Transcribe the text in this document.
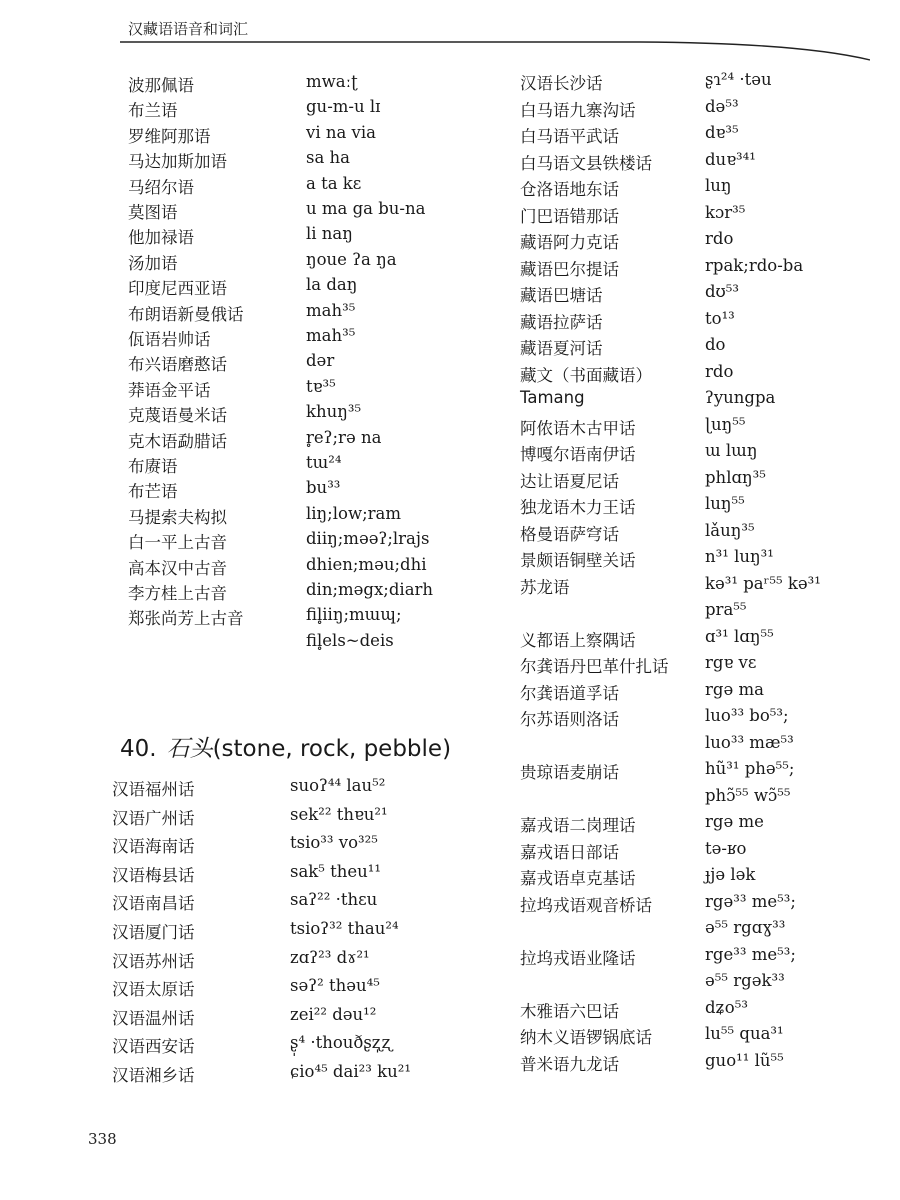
汉藏语语音和词汇
波那佩语	mwaːʈ
布兰语	gu-m-u lɪ
罗维阿那语	vi na via
马达加斯加语	sa ha
马绍尔语	a ta kɛ
莫图语	u ma ga bu-na
他加禄语	li naŋ
汤加语	ŋoue ʔa ŋa
印度尼西亚语	la daŋ
布朗语新曼俄话	mah³⁵
佤语岩帅话	mah³⁵
布兴语磨憨话	dər
莽语金平话	tɐ³⁵
克蔑语曼米话	khuŋ³⁵
克木语勐腊话	r̥eʔ;rə na
布赓语	tɯ²⁴
布芒语	bu³³
马提索夫构拟	liŋ;low;ram
白一平上古音	diiŋ;məəʔ;lrajs
高本汉中古音	dhien;mǝu;dhi
李方桂上古音	din;məgx;diarh
郑张尚芳上古音	fil̥iiŋ;mɯɰ;
fil̥els~deis
40. 石头(stone, rock, pebble)
汉语福州话	suoʔ⁴⁴ lau⁵²
汉语广州话	sek²² thɐu²¹
汉语海南话	tsio³³ vo³²⁵
汉语梅县话	sak⁵ theu¹¹
汉语南昌话	saʔ²² ·thɛu
汉语厦门话	tsioʔ³² thau²⁴
汉语苏州话	zɑʔ²³ dɤ²¹
汉语太原话	səʔ² thəu⁴⁵
汉语温州话	zei²² dəu¹²
汉语西安话	ʂ̩⁴ ·thouðʂʐ̩ʐ
汉语湘乡话	ɕio⁴⁵ dai²³ ku²¹
汉语长沙话	ʂɿ²⁴ ·təu
白马语九寨沟话	də⁵³
白马语平武话	dɐ³⁵
白马语文县铁楼话	duɐ³⁴¹
仓洛语地东话	luŋ
门巴语错那话	kɔr³⁵
藏语阿力克话	rdo
藏语巴尔提话	rpak;rdo-ba
藏语巴塘话	dʊ⁵³
藏语拉萨话	to¹³
藏语夏河话	do
藏文（书面藏语）	rdo
Tamang	ʔyungpa
阿侬语木古甲话	ɭuŋ⁵⁵
博嘎尔语南伊话	ɯ lɯŋ
达让语夏尼话	phlɑŋ³⁵
独龙语木力王话	luŋ⁵⁵
格曼语萨穹话	lǎuŋ³⁵
景颇语铜壁关话	n³¹ luŋ³¹
苏龙语	kə³¹ paʳ⁵⁵ kə³¹
pra⁵⁵
义都语上察隅话	ɑ³¹ lɑŋ⁵⁵
尔龚语丹巴革什扎话 rgɐ vɛ
尔龚语道孚话	rgə ma
尔苏语则洛话	luo³³ bo⁵³;
luo³³ mæ⁵³
贵琼语麦崩话	hũ³¹ phə⁵⁵;
phɔ̃⁵⁵ wɔ̃⁵⁵
嘉戎语二岗理话	rgə me
嘉戎语日部话	tə-ʁo
嘉戎语卓克基话	ɟjə lək
拉坞戎语观音桥话	rgə³³ me⁵³;
ə⁵⁵ rgɑɣ³³
拉坞戎语业隆话	rge³³ me⁵³;
ə⁵⁵ rgək³³
木雅语六巴话	dʑo⁵³
纳木义语锣锅底话	lu⁵⁵ qua³¹
普米语九龙话	guo¹¹ lũ⁵⁵
338
